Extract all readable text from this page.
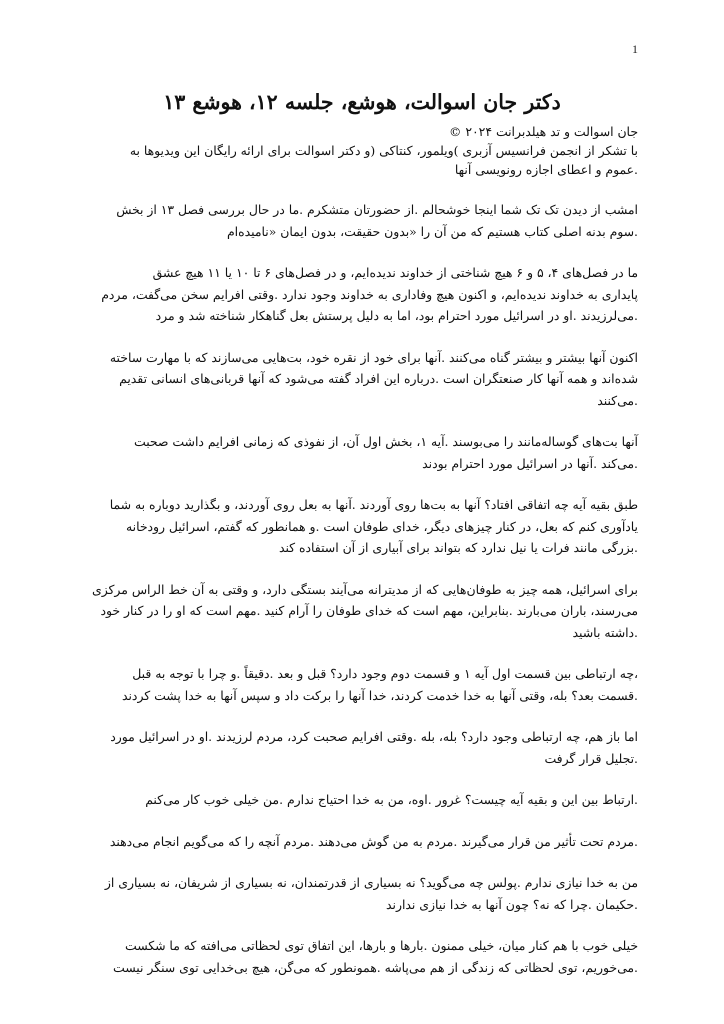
1
دکتر جان اسوالت، هوشع، جلسه ۱۲، هوشع ۱۳

جان اسوالت و تد هیلدبرانت ۲۰۲۴ ©

با تشکر از انجمن فرانسیس آزبری )ویلمور، کنتاکی (و دکتر اسوالت برای ارائه رایگان این ویدیوها به

.عموم و اعطای اجازه رونویسی آنها

امشب از دیدن تک تک شما اینجا خوشحالم .از حضورتان متشکرم .ما در حال بررسی فصل ۱۳ از بخش
.سوم بدنه اصلی کتاب هستیم که من آن را «بدون حقیقت، بدون ایمان «نامیده‌ام

ما در فصل‌های ۴، ۵ و ۶ هیچ شناختی از خداوند ندیده‌ایم، و در فصل‌های ۶ تا ۱۰ یا ۱۱ هیچ عشق
پایداری به خداوند ندیده‌ایم، و اکنون هیچ وفاداری به خداوند وجود ندارد .وقتی افرایم سخن می‌گفت، مردم
.می‌لرزیدند .او در اسرائیل مورد احترام بود، اما به دلیل پرستش بعل گناهکار شناخته شد و مرد

اکنون آنها بیشتر و بیشتر گناه می‌کنند .آنها برای خود از نقره خود، بت‌هایی می‌سازند که با مهارت ساخته
شده‌اند و همه آنها کار صنعتگران است .درباره این افراد گفته می‌شود که آنها قربانی‌های انسانی تقدیم
.می‌کنند

آنها بت‌های گوساله‌مانند را می‌بوسند .آیه ۱، بخش اول آن، از نفوذی که زمانی افرایم داشت صحبت
.می‌کند .آنها در اسرائیل مورد احترام بودند

طبق بقیه آیه چه اتفاقی افتاد؟ آنها به بت‌ها روی آوردند .آنها به بعل روی آوردند، و بگذارید دوباره به شما
یادآوری کنم که بعل، در کنار چیزهای دیگر، خدای طوفان است .و همانطور که گفتم، اسرائیل رودخانه
.بزرگی مانند فرات یا نیل ندارد که بتواند برای آبیاری از آن استفاده کند

برای اسرائیل، همه چیز به طوفان‌هایی که از مدیترانه می‌آیند بستگی دارد، و وقتی به آن خط الراس مرکزی
می‌رسند، باران می‌بارند .بنابراین، مهم است که خدای طوفان را آرام کنید .مهم است که او را در کنار خود
.داشته باشید

،چه ارتباطی بین قسمت اول آیه ۱ و قسمت دوم وجود دارد؟ قبل و بعد .دقیقاً .و چرا با توجه به قبل
.قسمت بعد؟ بله، وقتی آنها به خدا خدمت کردند، خدا آنها را برکت داد و سپس آنها به خدا پشت کردند

اما باز هم، چه ارتباطی وجود دارد؟ بله، بله .وقتی افرایم صحبت کرد، مردم لرزیدند .او در اسرائیل مورد
.تجلیل قرار گرفت

.ارتباط بین این و بقیه آیه چیست؟ غرور .اوه، من به خدا احتیاج ندارم .من خیلی خوب کار می‌کنم

.مردم تحت تأثیر من قرار می‌گیرند .مردم به من گوش می‌دهند .مردم آنچه را که می‌گویم انجام می‌دهند

من به خدا نیازی ندارم .پولس چه می‌گوید؟ نه بسیاری از قدرتمندان، نه بسیاری از شریفان، نه بسیاری از
.حکیمان .چرا که نه؟ چون آنها به خدا نیازی ندارند

خیلی خوب با هم کنار میان، خیلی ممنون .بارها و بارها، این اتفاق توی لحظاتی می‌افته که ما شکست
.می‌خوریم، توی لحظاتی که زندگی از هم می‌پاشه .همونطور که می‌گن، هیچ بی‌خدایی توی سنگر نیست
